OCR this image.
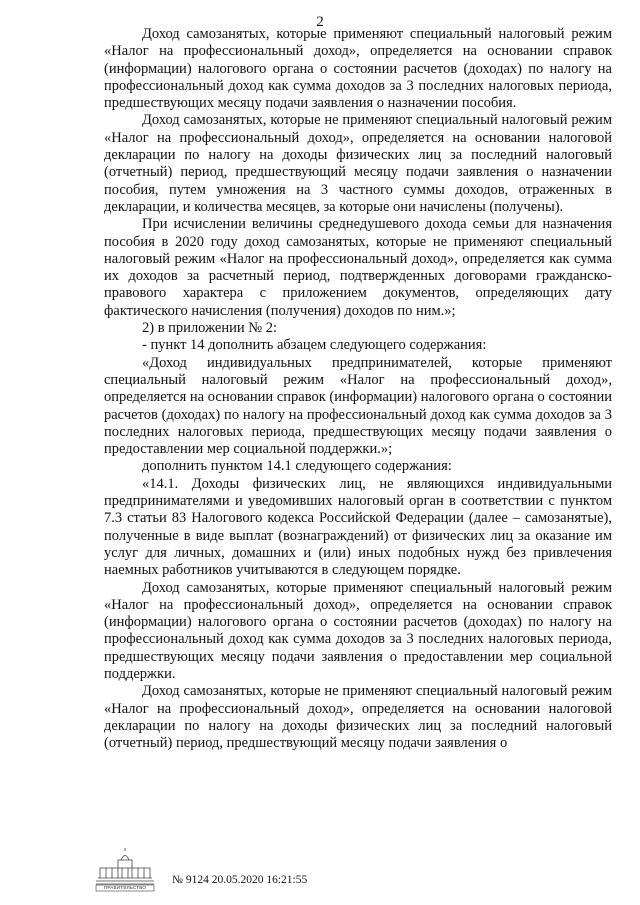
2

Доход самозанятых, которые применяют специальный налоговый режим «Налог на профессиональный доход», определяется на основании справок (информации) налогового органа о состоянии расчетов (доходах) по налогу на профессиональный доход как сумма доходов за 3 последних налоговых периода, предшествующих месяцу подачи заявления о назначении пособия.

Доход самозанятых, которые не применяют специальный налоговый режим «Налог на профессиональный доход», определяется на основании налоговой декларации по налогу на доходы физических лиц за последний налоговый (отчетный) период, предшествующий месяцу подачи заявления о назначении пособия, путем умножения на 3 частного суммы доходов, отраженных в декларации, и количества месяцев, за которые они начислены (получены).

При исчислении величины среднедушевого дохода семьи для назначения пособия в 2020 году доход самозанятых, которые не применяют специальный налоговый режим «Налог на профессиональный доход», определяется как сумма их доходов за расчетный период, подтвержденных договорами гражданско-правового характера с приложением документов, определяющих дату фактического начисления (получения) доходов по ним.»;

2) в приложении № 2:

- пункт 14 дополнить абзацем следующего содержания:

«Доход индивидуальных предпринимателей, которые применяют специальный налоговый режим «Налог на профессиональный доход», определяется на основании справок (информации) налогового органа о состоянии расчетов (доходах) по налогу на профессиональный доход как сумма доходов за 3 последних налоговых периода, предшествующих месяцу подачи заявления о предоставлении мер социальной поддержки.»;

дополнить пунктом 14.1 следующего содержания:

«14.1. Доходы физических лиц, не являющихся индивидуальными предпринимателями и уведомивших налоговый орган в соответствии с пунктом 7.3 статьи 83 Налогового кодекса Российской Федерации (далее – самозанятые), полученные в виде выплат (вознаграждений) от физических лиц за оказание им услуг для личных, домашних и (или) иных подобных нужд без привлечения наемных работников учитываются в следующем порядке.

Доход самозанятых, которые применяют специальный налоговый режим «Налог на профессиональный доход», определяется на основании справок (информации) налогового органа о состоянии расчетов (доходах) по налогу на профессиональный доход как сумма доходов за 3 последних налоговых периода, предшествующих месяцу подачи заявления о предоставлении мер социальной поддержки.

Доход самозанятых, которые не применяют специальный налоговый режим «Налог на профессиональный доход», определяется на основании налоговой декларации по налогу на доходы физических лиц за последний налоговый (отчетный) период, предшествующий месяцу подачи заявления о

ПРАВИТЕЛЬСТВО
№ 9124 20.05.2020 16:21:55
